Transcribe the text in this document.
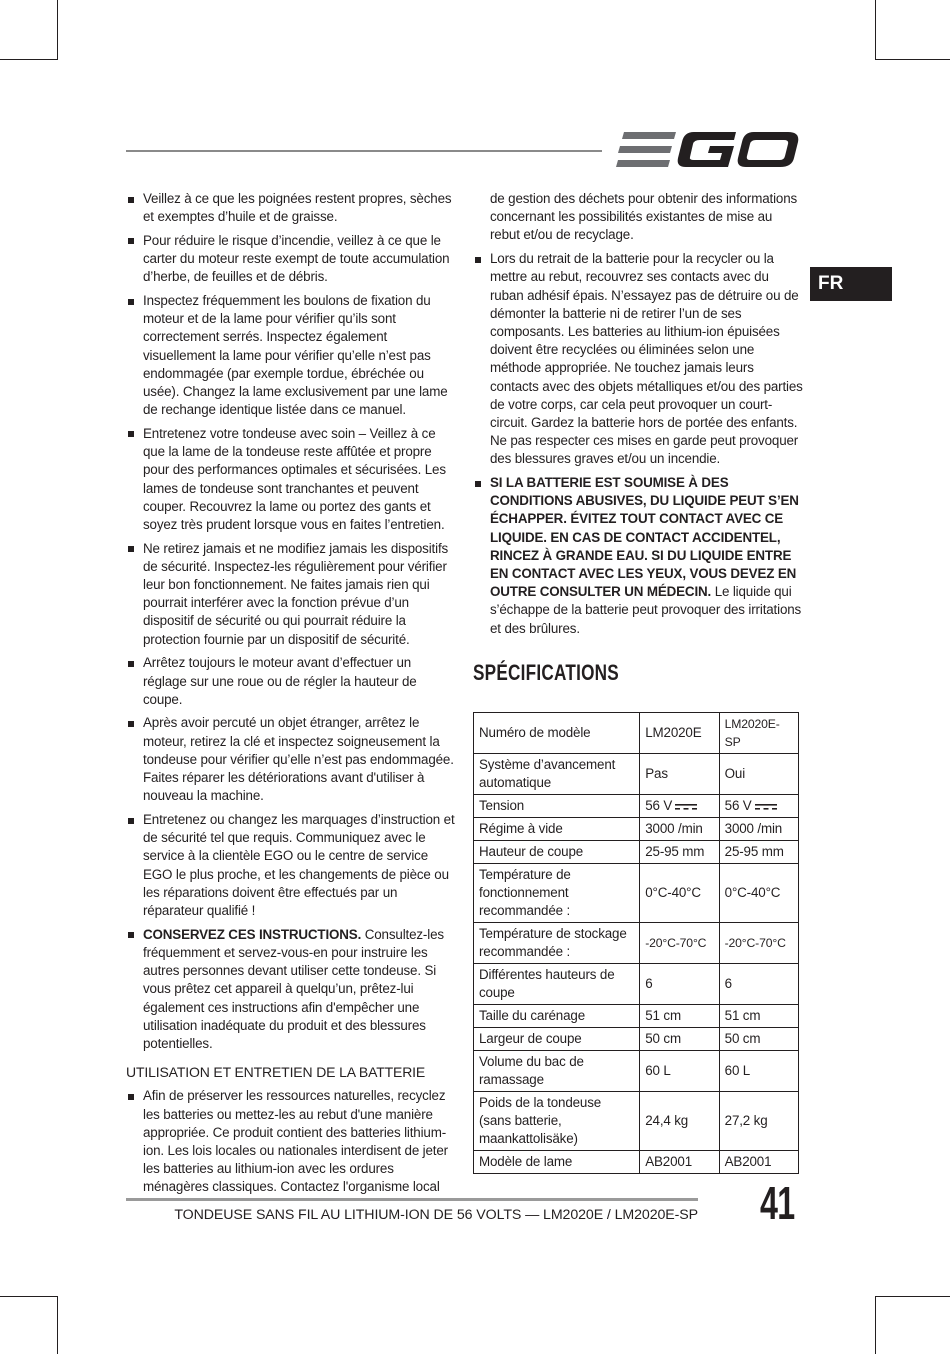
FR
Veillez à ce que les poignées restent propres, sèches et exemptes d’huile et de graisse.
Pour réduire le risque d’incendie, veillez à ce que le carter du moteur reste exempt de toute accumulation d’herbe, de feuilles et de débris.
Inspectez fréquemment les boulons de fixation du moteur et de la lame pour vérifier qu’ils sont correctement serrés. Inspectez également visuellement la lame pour vérifier qu’elle n’est pas endommagée (par exemple tordue, ébréchée ou usée). Changez la lame exclusivement par une lame de rechange identique listée dans ce manuel.
Entretenez votre tondeuse avec soin – Veillez à ce que la lame de la tondeuse reste affûtée et propre pour des performances optimales et sécurisées. Les lames de tondeuse sont tranchantes et peuvent couper. Recouvrez la lame ou portez des gants et soyez très prudent lorsque vous en faites l’entretien.
Ne retirez jamais et ne modifiez jamais les dispositifs de sécurité. Inspectez-les régulièrement pour vérifier leur bon fonctionnement. Ne faites jamais rien qui pourrait interférer avec la fonction prévue d’un dispositif de sécurité ou qui pourrait réduire la protection fournie par un dispositif de sécurité.
Arrêtez toujours le moteur avant d’effectuer un réglage sur une roue ou de régler la hauteur de coupe.
Après avoir percuté un objet étranger, arrêtez le moteur, retirez la clé et inspectez soigneusement la tondeuse pour vérifier qu’elle n’est pas endommagée. Faites réparer les détériorations avant d'utiliser à nouveau la machine.
Entretenez ou changez les marquages d’instruction et de sécurité tel que requis. Communiquez avec le service à la clientèle EGO ou le centre de service EGO le plus proche, et les changements de pièce ou les réparations doivent être effectués par un réparateur qualifié !
CONSERVEZ CES INSTRUCTIONS. Consultez-les fréquemment et servez-vous-en pour instruire les autres personnes devant utiliser cette tondeuse. Si vous prêtez cet appareil à quelqu’un, prêtez-lui également ces instructions afin d'empêcher une utilisation inadéquate du produit et des blessures potentielles.
UTILISATION ET ENTRETIEN DE LA BATTERIE
Afin de préserver les ressources naturelles, recyclez les batteries ou mettez-les au rebut d'une manière appropriée. Ce produit contient des batteries lithium-ion. Les lois locales ou nationales interdisent de jeter les batteries au lithium-ion avec les ordures ménagères classiques. Contactez l'organisme local
de gestion des déchets pour obtenir des informations concernant les possibilités existantes de mise au rebut et/ou de recyclage.
Lors du retrait de la batterie pour la recycler ou la mettre au rebut, recouvrez ses contacts avec du ruban adhésif épais. N’essayez pas de détruire ou de démonter la batterie ni de retirer l’un de ses composants. Les batteries au lithium-ion épuisées doivent être recyclées ou éliminées selon une méthode appropriée. Ne touchez jamais leurs contacts avec des objets métalliques et/ou des parties de votre corps, car cela peut provoquer un court-circuit. Gardez la batterie hors de portée des enfants. Ne pas respecter ces mises en garde peut provoquer des blessures graves et/ou un incendie.
SI LA BATTERIE EST SOUMISE À DES CONDITIONS ABUSIVES, DU LIQUIDE PEUT S’EN ÉCHAPPER. ÉVITEZ TOUT CONTACT AVEC CE LIQUIDE. EN CAS DE CONTACT ACCIDENTEL, RINCEZ À GRANDE EAU. SI DU LIQUIDE ENTRE EN CONTACT AVEC LES YEUX, VOUS DEVEZ EN OUTRE CONSULTER UN MÉDECIN. Le liquide qui s’échappe de la batterie peut provoquer des irritations et des brûlures.
SPÉCIFICATIONS
Numéro de modèle	LM2020E	LM2020E-SP
Système d’avancement automatique	Pas	Oui
Tension	56 V	56 V
Régime à vide	3000 /min	3000 /min
Hauteur de coupe	25-95 mm	25-95 mm
Température de fonctionnement recommandée :	0°C-40°C	0°C-40°C
Température de stockage recommandée :	-20°C-70°C	-20°C-70°C
Différentes hauteurs de coupe	6	6
Taille du carénage	51 cm	51 cm
Largeur de coupe	50 cm	50 cm
Volume du bac de ramassage	60 L	60 L
Poids de la tondeuse (sans batterie, maankattolisäke)	24,4 kg	27,2 kg
Modèle de lame	AB2001	AB2001
TONDEUSE SANS FIL AU LITHIUM-ION DE 56 VOLTS — LM2020E / LM2020E-SP 41
